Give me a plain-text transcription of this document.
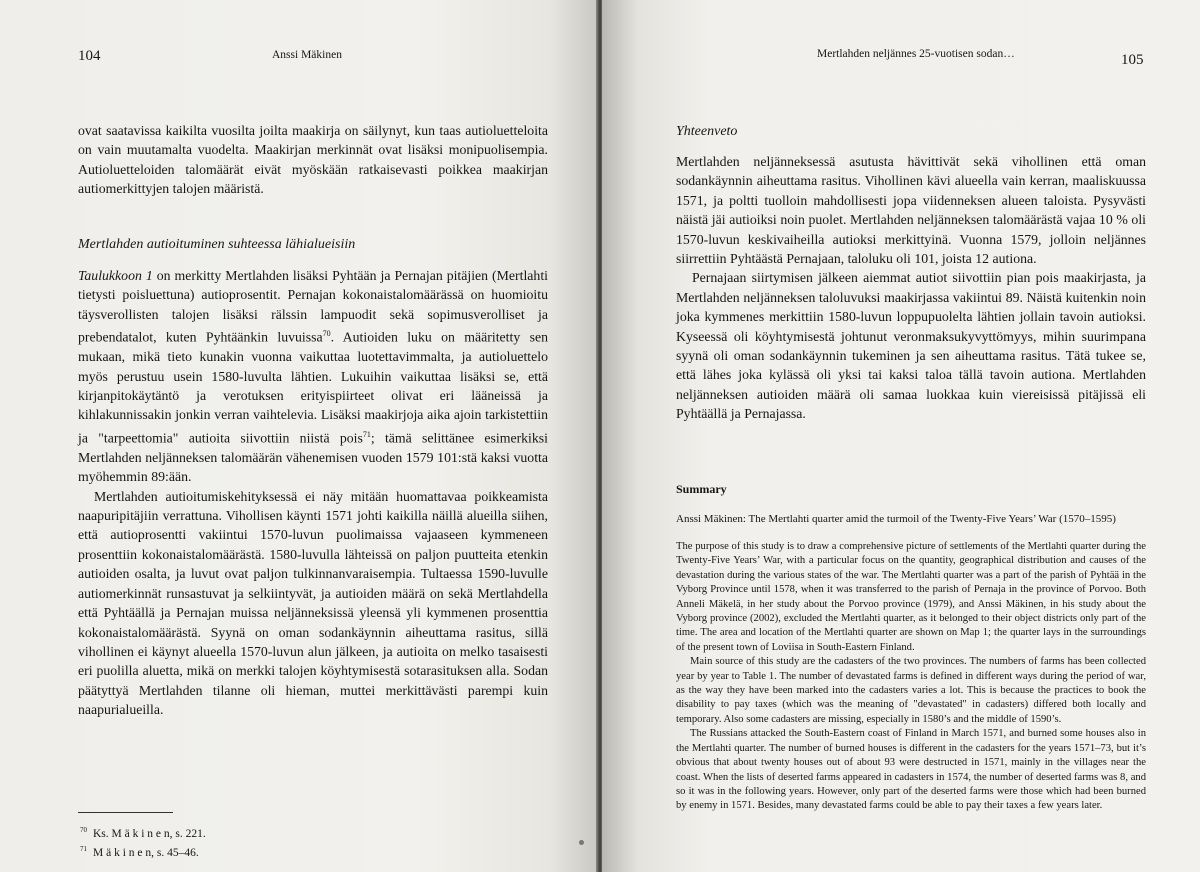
104	Anssi Mäkinen

ovat saatavissa kaikilta vuosilta joilta maakirja on säilynyt, kun taas autioluetteloita on vain muutamalta vuodelta. Maakirjan merkinnät ovat lisäksi monipuolisempia. Autioluetteloiden talomäärät eivät myöskään ratkaisevasti poikkea maakirjan autiomerkittyjen talojen määristä.

Mertlahden autioituminen suhteessa lähialueisiin

Taulukkoon 1 on merkitty Mertlahden lisäksi Pyhtään ja Pernajan pitäjien (Mertlahti tietysti poisluettuna) autioprosentit. Pernajan kokonaistalomäärässä on huomioitu täysverollisten talojen lisäksi rälssin lampuodit sekä sopimusverolliset ja prebendatalot, kuten Pyhtäänkin luvuissa$^{70}$. Autioiden luku on määritetty sen mukaan, mikä tieto kunakin vuonna vaikuttaa luotettavimmalta, ja autioluettelo myös perustuu usein 1580-luvulta lähtien. Lukuihin vaikuttaa lisäksi se, että kirjanpitokäytäntö ja verotuksen erityispiirteet olivat eri lääneissä ja kihlakunnissakin jonkin verran vaihtelevia. Lisäksi maakirjoja aika ajoin tarkistettiin ja "tarpeettomia" autioita siivottiin niistä pois$^{71}$; tämä selittänee esimerkiksi Mertlahden neljänneksen talomäärän vähenemisen vuoden 1579 101:stä kaksi vuotta myöhemmin 89:ään.

Mertlahden autioitumiskehityksessä ei näy mitään huomattavaa poikkeamista naapuripitäjiin verrattuna. Vihollisen käynti 1571 johti kaikilla näillä alueilla siihen, että autioprosentti vakiintui 1570-luvun puolimaissa vajaaseen kymmeneen prosenttiin kokonaistalomäärästä. 1580-luvulla lähteissä on paljon puutteita etenkin autioiden osalta, ja luvut ovat paljon tulkinnanvaraisempia. Tultaessa 1590-luvulle autiomerkinnät runsastuvat ja selkiintyvät, ja autioiden määrä on sekä Mertlahdella että Pyhtäällä ja Pernajan muissa neljänneksissä yleensä yli kymmenen prosenttia kokonaistalomäärästä. Syynä on oman sodankäynnin aiheuttama rasitus, sillä vihollinen ei käynyt alueella 1570-luvun alun jälkeen, ja autioita on melko tasaisesti eri puolilla aluetta, mikä on merkki talojen köyhtymisestä sotarasituksen alla. Sodan päätyttyä Mertlahden tilanne oli hieman, muttei merkittävästi parempi kuin naapurialueilla.

$^{70}$ Ks. M ä k i n e n, s. 221.
$^{71}$ M ä k i n e n, s. 45–46.
Mertlahden neljännes 25-vuotisen sodan…	105
Yhteenveto

Mertlahden neljänneksessä asutusta hävittivät sekä vihollinen että oman sodankäynnin aiheuttama rasitus. Vihollinen kävi alueella vain kerran, maaliskuussa 1571, ja poltti tuolloin mahdollisesti jopa viidenneksen alueen taloista. Pysyvästi näistä jäi autioiksi noin puolet. Mertlahden neljänneksen talomäärästä vajaa 10 % oli 1570-luvun keskivaiheilla autioksi merkittyinä. Vuonna 1579, jolloin neljännes siirrettiin Pyhtäästä Pernajaan, taloluku oli 101, joista 12 autiona.

Pernajaan siirtymisen jälkeen aiemmat autiot siivottiin pian pois maakirjasta, ja Mertlahden neljänneksen taloluvuksi maakirjassa vakiintui 89. Näistä kuitenkin noin joka kymmenes merkittiin 1580-luvun loppupuolelta lähtien jollain tavoin autioksi. Kyseessä oli köyhtymisestä johtunut veronmaksukyvyttömyys, mihin suurimpana syynä oli oman sodankäynnin tukeminen ja sen aiheuttama rasitus. Tätä tukee se, että lähes joka kylässä oli yksi tai kaksi taloa tällä tavoin autiona. Mertlahden neljänneksen autioiden määrä oli samaa luokkaa kuin viereisissä pitäjissä eli Pyhtäällä ja Pernajassa.

Summary
Anssi Mäkinen: The Mertlahti quarter amid the turmoil of the Twenty-Five Years’ War (1570–1595)

The purpose of this study is to draw a comprehensive picture of settlements of the Mertlahti quarter during the Twenty-Five Years’ War, with a particular focus on the quantity, geographical distribution and causes of the devastation during the various states of the war. The Mertlahti quarter was a part of the parish of Pyhtää in the Vyborg Province until 1578, when it was transferred to the parish of Pernaja in the province of Porvoo. Both Anneli Mäkelä, in her study about the Porvoo province (1979), and Anssi Mäkinen, in his study about the Vyborg province (2002), excluded the Mertlahti quarter, as it belonged to their object districts only part of the time. The area and location of the Mertlahti quarter are shown on Map 1; the quarter lays in the surroundings of the present town of Loviisa in South-Eastern Finland.

Main source of this study are the cadasters of the two provinces. The numbers of farms has been collected year by year to Table 1. The number of devastated farms is defined in different ways during the period of war, as the way they have been marked into the cadasters varies a lot. This is because the practices to book the disability to pay taxes (which was the meaning of "devastated" in cadasters) differed both locally and temporary. Also some cadasters are missing, especially in 1580’s and the middle of 1590’s.

The Russians attacked the South-Eastern coast of Finland in March 1571, and burned some houses also in the Mertlahti quarter. The number of burned houses is different in the cadasters for the years 1571–73, but it’s obvious that about twenty houses out of about 93 were destructed in 1571, mainly in the villages near the coast. When the lists of deserted farms appeared in cadasters in 1574, the number of deserted farms was 8, and so it was in the following years. However, only part of the deserted farms were those which had been burned by enemy in 1571. Besides, many devastated farms could be able to pay their taxes a few years later.
